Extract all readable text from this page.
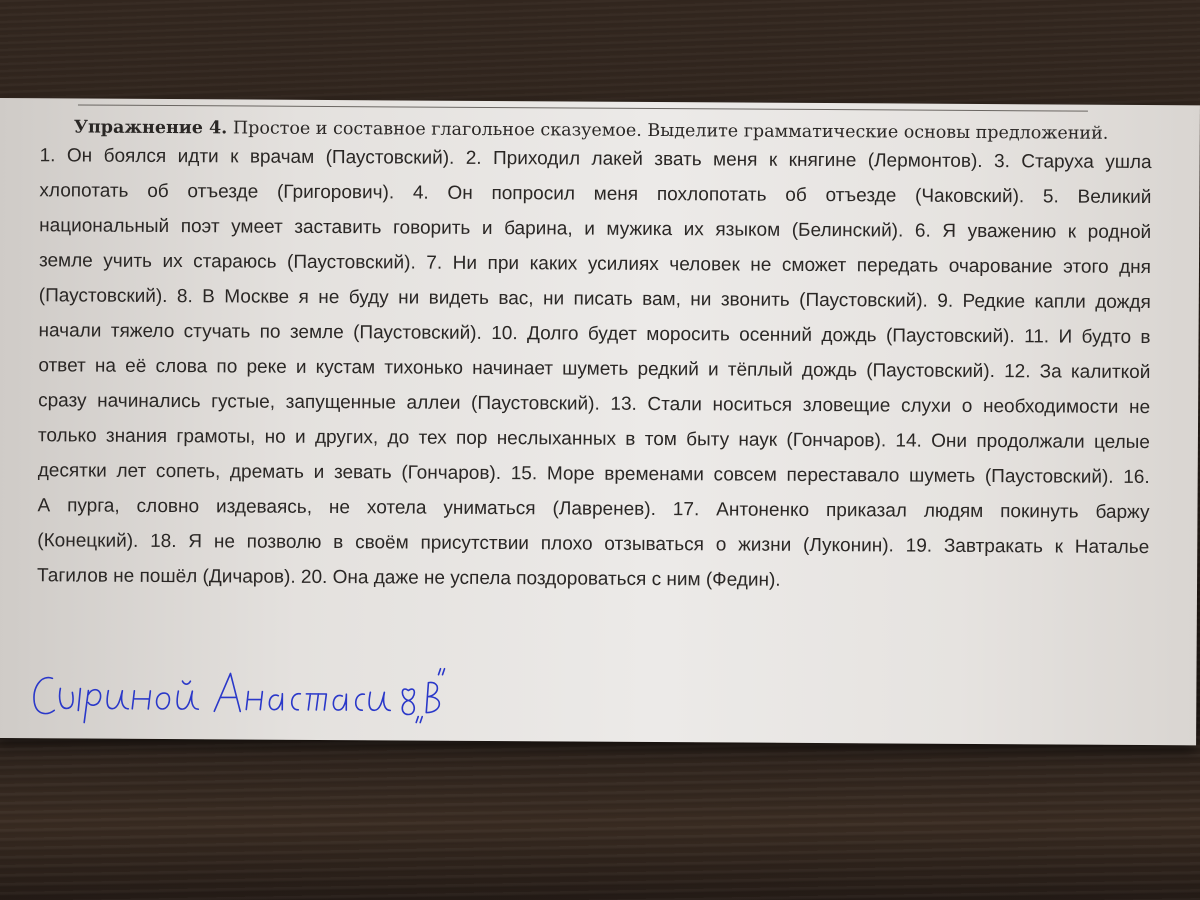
Упражнение 4. Простое и составное глагольное сказуемое. Выделите грамматические основы предложений.
1. Он боялся идти к врачам (Паустовский). 2. Приходил лакей звать меня к княгине (Лермонтов). 3. Старуха ушла
хлопотать об отъезде (Григорович). 4. Он попросил меня похлопотать об отъезде (Чаковский). 5. Великий
национальный поэт умеет заставить говорить и барина, и мужика их языком (Белинский). 6. Я уважению к родной
земле учить их стараюсь (Паустовский). 7. Ни при каких усилиях человек не сможет передать очарование этого дня
(Паустовский). 8. В Москве я не буду ни видеть вас, ни писать вам, ни звонить (Паустовский). 9. Редкие капли дождя
начали тяжело стучать по земле (Паустовский). 10. Долго будет моросить осенний дождь (Паустовский). 11. И будто в
ответ на её слова по реке и кустам тихонько начинает шуметь редкий и тёплый дождь (Паустовский). 12. За калиткой
сразу начинались густые, запущенные аллеи (Паустовский). 13. Стали носиться зловещие слухи о необходимости не
только знания грамоты, но и других, до тех пор неслыханных в том быту наук (Гончаров). 14. Они продолжали целые
десятки лет сопеть, дремать и зевать (Гончаров). 15. Море временами совсем переставало шуметь (Паустовский). 16.
А пурга, словно издеваясь, не хотела униматься (Лавренев). 17. Антоненко приказал людям покинуть баржу
(Конецкий). 18. Я не позволю в своём присутствии плохо отзываться о жизни (Луконин). 19. Завтракать к Наталье
Тагилов не пошёл (Дичаров). 20. Она даже не успела поздороваться с ним (Федин).
